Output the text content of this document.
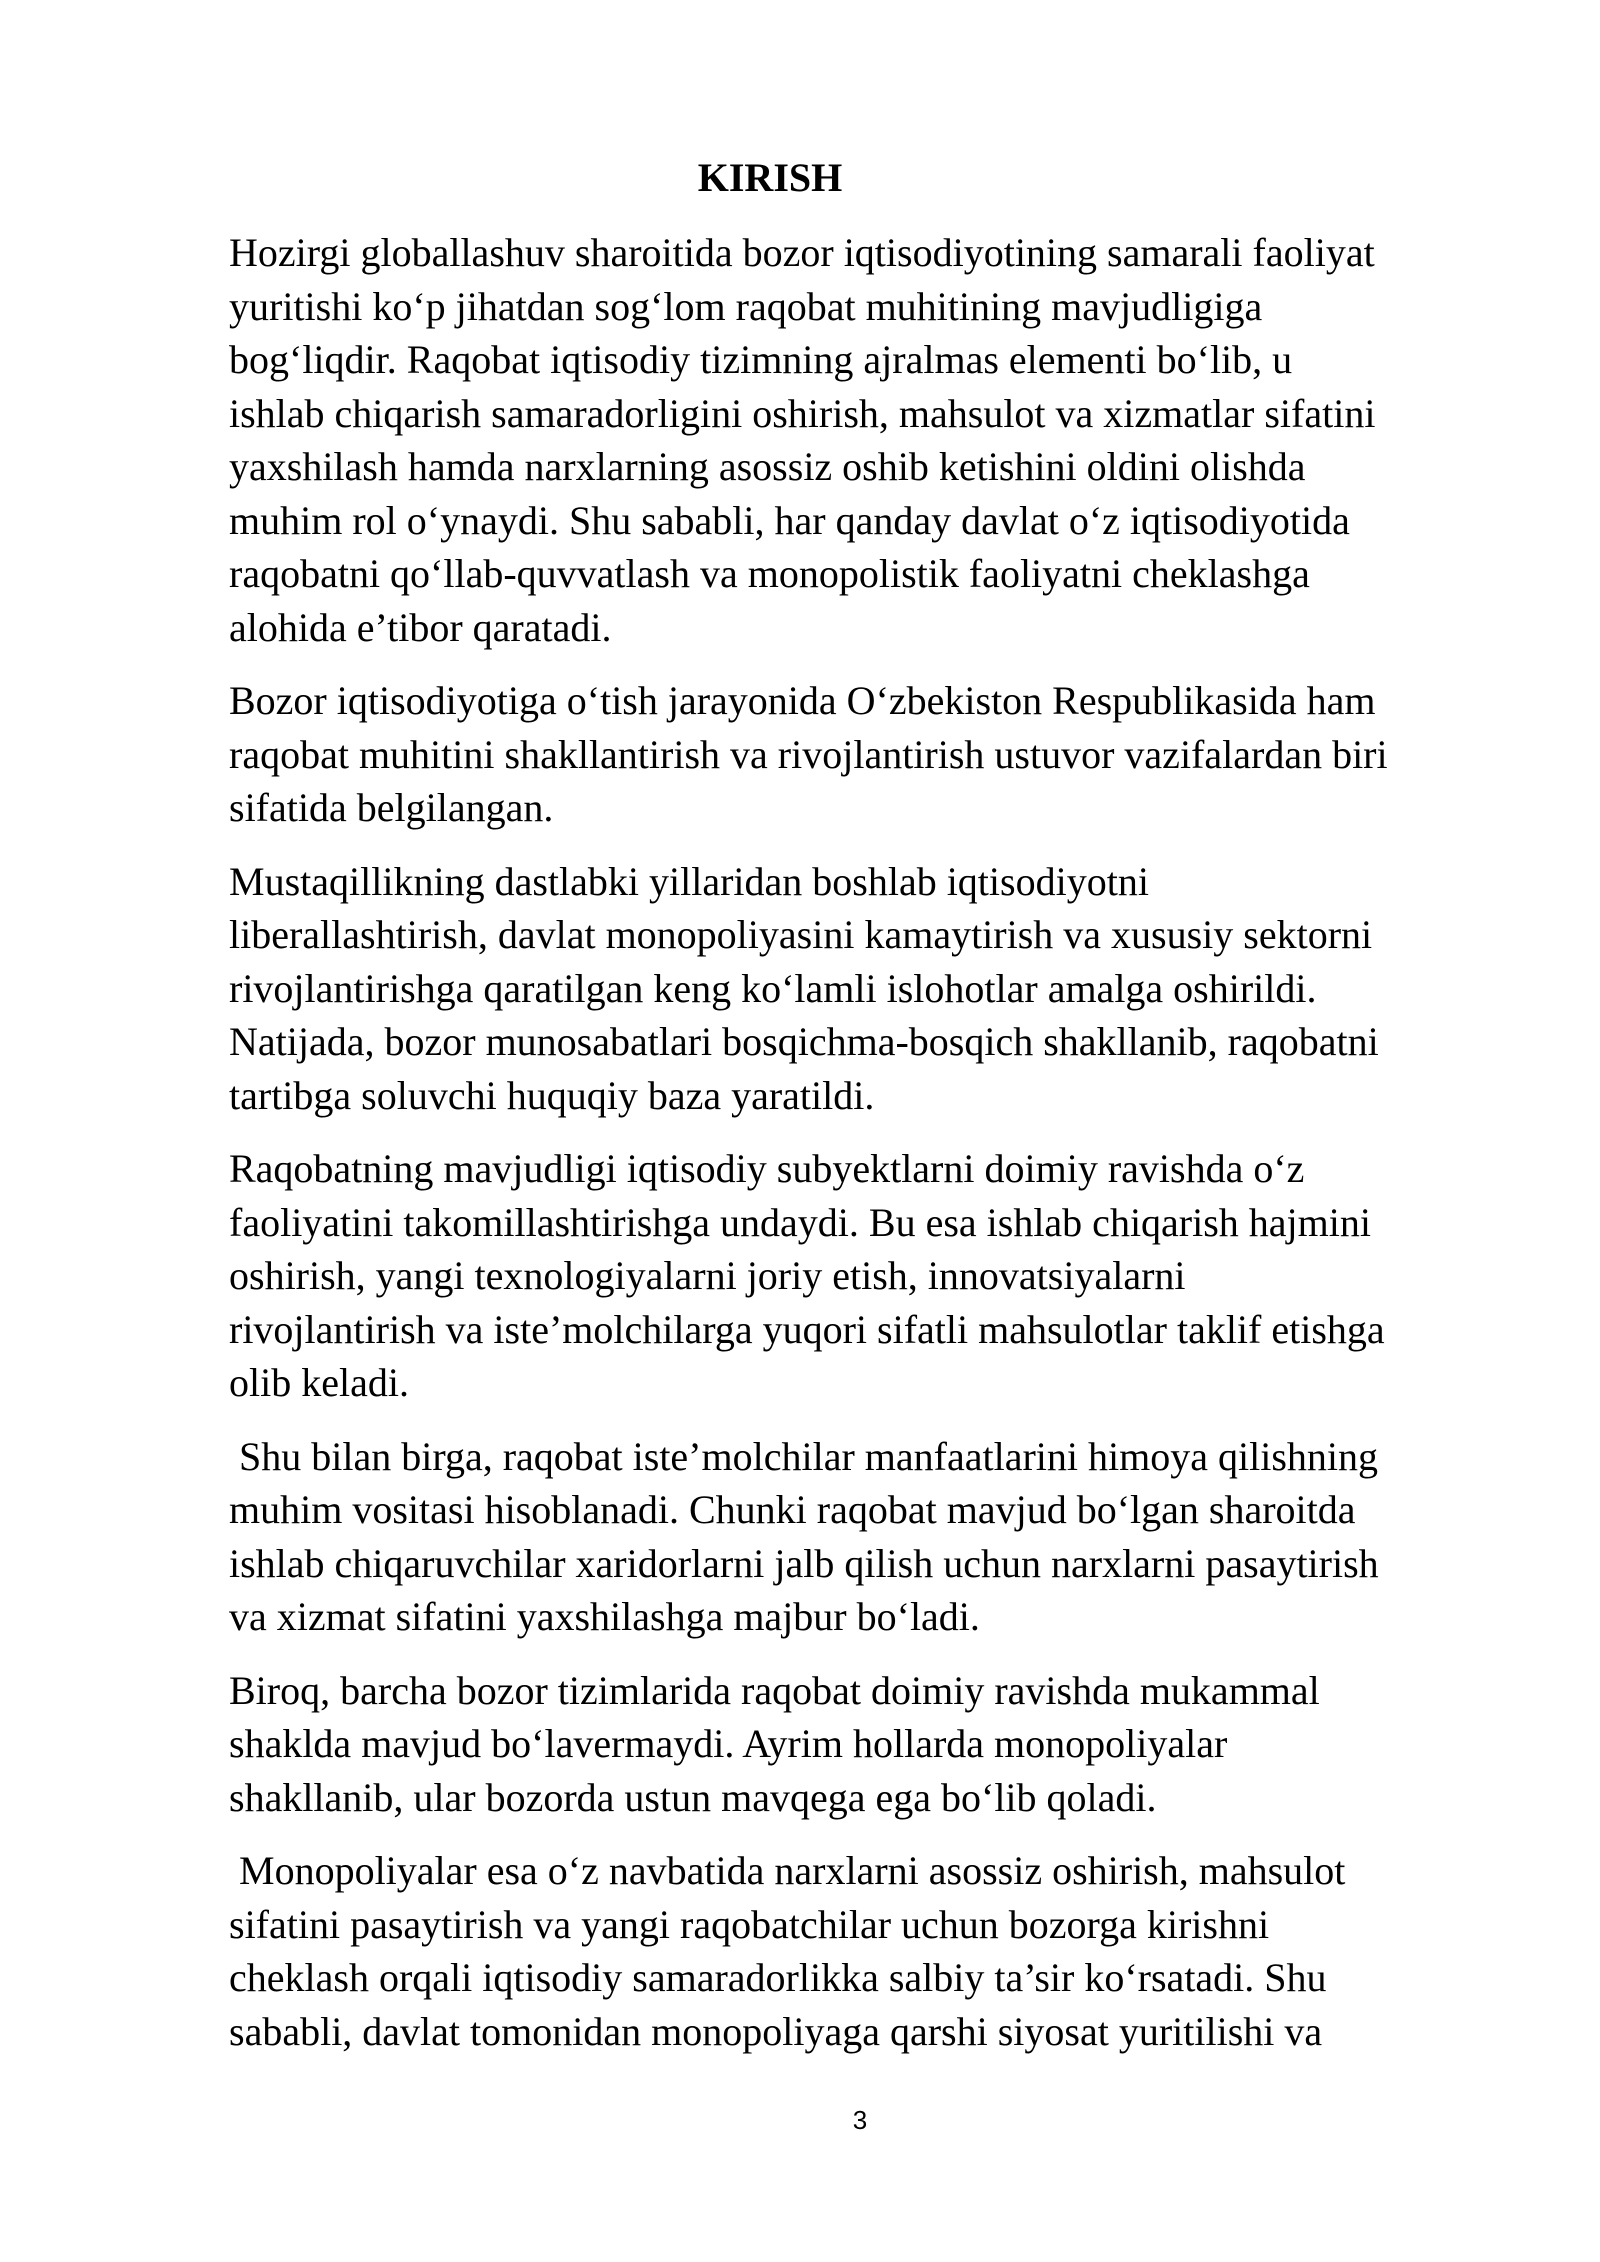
KIRISH
Hozirgi globallashuv sharoitida bozor iqtisodiyotining samarali faoliyat
yuritishi ko‘p jihatdan sog‘lom raqobat muhitining mavjudligiga
bog‘liqdir. Raqobat iqtisodiy tizimning ajralmas elementi bo‘lib, u
ishlab chiqarish samaradorligini oshirish, mahsulot va xizmatlar sifatini
yaxshilash hamda narxlarning asossiz oshib ketishini oldini olishda
muhim rol o‘ynaydi. Shu sababli, har qanday davlat o‘z iqtisodiyotida
raqobatni qo‘llab-quvvatlash va monopolistik faoliyatni cheklashga
alohida e’tibor qaratadi.
Bozor iqtisodiyotiga o‘tish jarayonida O‘zbekiston Respublikasida ham
raqobat muhitini shakllantirish va rivojlantirish ustuvor vazifalardan biri
sifatida belgilangan.
Mustaqillikning dastlabki yillaridan boshlab iqtisodiyotni
liberallashtirish, davlat monopoliyasini kamaytirish va xususiy sektorni
rivojlantirishga qaratilgan keng ko‘lamli islohotlar amalga oshirildi.
Natijada, bozor munosabatlari bosqichma-bosqich shakllanib, raqobatni
tartibga soluvchi huquqiy baza yaratildi.
Raqobatning mavjudligi iqtisodiy subyektlarni doimiy ravishda o‘z
faoliyatini takomillashtirishga undaydi. Bu esa ishlab chiqarish hajmini
oshirish, yangi texnologiyalarni joriy etish, innovatsiyalarni
rivojlantirish va iste’molchilarga yuqori sifatli mahsulotlar taklif etishga
olib keladi.
Shu bilan birga, raqobat iste’molchilar manfaatlarini himoya qilishning
muhim vositasi hisoblanadi. Chunki raqobat mavjud bo‘lgan sharoitda
ishlab chiqaruvchilar xaridorlarni jalb qilish uchun narxlarni pasaytirish
va xizmat sifatini yaxshilashga majbur bo‘ladi.
Biroq, barcha bozor tizimlarida raqobat doimiy ravishda mukammal
shaklda mavjud bo‘lavermaydi. Ayrim hollarda monopoliyalar
shakllanib, ular bozorda ustun mavqega ega bo‘lib qoladi.
Monopoliyalar esa o‘z navbatida narxlarni asossiz oshirish, mahsulot
sifatini pasaytirish va yangi raqobatchilar uchun bozorga kirishni
cheklash orqali iqtisodiy samaradorlikka salbiy ta’sir ko‘rsatadi. Shu
sababli, davlat tomonidan monopoliyaga qarshi siyosat yuritilishi va
3
